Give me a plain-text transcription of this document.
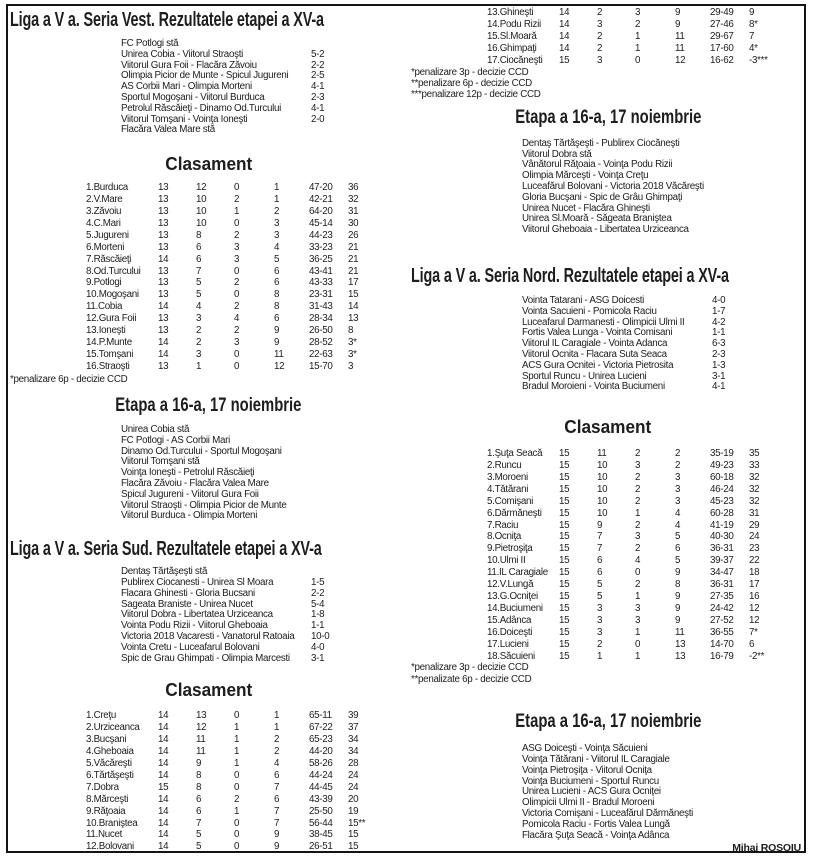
Liga a V a. Seria Vest. Rezultatele etapei a XV-a
FC Potlogi stă
Unirea Cobia - Viitorul Straoşti	5-2
Viitorul Gura Foii - Flacăra Zăvoiu	2-2
Olimpia Picior de Munte - Spicul Jugureni	2-5
AS Corbii Mari - Olimpia Morteni	4-1
Sportul Mogoşani - Viitorul Burduca	2-3
Petrolul Răscăieţi - Dinamo Od.Turcului	4-1
Viitorul Tomşani - Voinţa Ioneşti	2-0
Flacăra Valea Mare stă
Clasament
1.Burduca	13	12	0	1	47-20	36
2.V.Mare	13	10	2	1	42-21	32
3.Zăvoiu	13	10	1	2	64-20	31
4.C.Mari	13	10	0	3	45-14	30
5.Jugureni	13	8	2	3	44-23	26
6.Morteni	13	6	3	4	33-23	21
7.Răscăieţi	14	6	3	5	36-25	21
8.Od.Turcului	13	7	0	6	43-41	21
9.Potlogi	13	5	2	6	43-33	17
10.Mogoşani	13	5	0	8	23-31	15
11.Cobia	14	4	2	8	31-43	14
12.Gura Foii	13	3	4	6	28-34	13
13.Ioneşti	13	2	2	9	26-50	8
14.P.Munte	14	2	3	9	28-52	3*
15.Tomşani	14	3	0	11	22-63	3*
16.Straoşti	13	1	0	12	15-70	3
*penalizare 6p - decizie CCD
Etapa a 16-a, 17 noiembrie
Unirea Cobia stă
FC Potlogi - AS Corbii Mari
Dinamo Od.Turcului - Sportul Mogoşani
Viitorul Tomşani stă
Voinţa Ioneşti - Petrolul Răscăieţi
Flacăra Zăvoiu - Flacăra Valea Mare
Spicul Jugureni - Viitorul Gura Foii
Viitorul Straoşti - Olimpia Picior de Munte
Viitorul Burduca - Olimpia Morteni
Liga a V a. Seria Sud. Rezultatele etapei a XV-a
Dentaş Tărtăşeşti stă
Publirex Ciocanesti - Unirea Sl Moara	1-5
Flacara Ghinesti - Gloria Bucsani	2-2
Sageata Braniste - Unirea Nucet	5-4
Viitorul Dobra - Libertatea Urziceanca	1-8
Vointa Podu Rizii - Viitorul Gheboaia	1-1
Victoria 2018 Vacaresti - Vanatorul Ratoaia	10-0
Vointa Cretu - Luceafarul Bolovani	4-0
Spic de Grau Ghimpati - Olimpia Marcesti	3-1
Clasament
1.Creţu	14	13	0	1	65-11	39
2.Urziceanca	14	12	1	1	67-22	37
3.Bucşani	14	11	1	2	65-23	34
4.Gheboaia	14	11	1	2	44-20	34
5.Văcăreşti	14	9	1	4	58-26	28
6.Tărtăşeşti	14	8	0	6	44-24	24
7.Dobra	15	8	0	7	44-45	24
8.Mărceşti	14	6	2	6	43-39	20
9.Răţoaia	14	6	1	7	25-50	19
10.Braniştea	14	7	0	7	56-44	15**
11.Nucet	14	5	0	9	38-45	15
12.Bolovani	14	5	0	9	26-51	15
13.Ghineşti	14	2	3	9	29-49	9
14.Podu Rizii	14	3	2	9	27-46	8*
15.Sl.Moară	14	2	1	11	29-67	7
16.Ghimpaţi	14	2	1	11	17-60	4*
17.Ciocăneşti	15	3	0	12	16-62	-3***
*penalizare 3p - decizie CCD
**penalizare 6p - decizie CCD
***penalizare 12p - decizie CCD
Etapa a 16-a, 17 noiembrie
Dentaş Tărtăşeşti - Publirex Ciocăneşti
Viitorul Dobra stă
Vânătorul Răţoaia - Voinţa Podu Rizii
Olimpia Mărceşti - Voinţa Creţu
Luceafărul Bolovani - Victoria 2018 Văcăreşti
Gloria Bucşani - Spic de Grâu Ghimpaţi
Unirea Nucet - Flacăra Ghineşti
Unirea Sl.Moară - Săgeata Braniştea
Viitorul Gheboaia - Libertatea Urziceanca
Liga a V a. Seria Nord. Rezultatele etapei a XV-a
Vointa Tatarani - ASG Doicesti	4-0
Vointa Sacuieni - Pomicola Raciu	1-7
Luceafarul Darmanesti - Olimpicii Ulmi II	4-2
Fortis Valea Lunga - Vointa Comisani	1-1
Viitorul IL Caragiale - Vointa Adanca	6-3
Viitorul Ocnita - Flacara Suta Seaca	2-3
ACS Gura Ocnitei - Victoria Pietrosita	1-3
Sportul Runcu - Unirea Lucieni	3-1
Bradul Moroieni - Vointa Buciumeni	4-1
Clasament
1.Şuţa Seacă	15	11	2	2	35-19	35
2.Runcu	15	10	3	2	49-23	33
3.Moroeni	15	10	2	3	60-18	32
4.Tătărani	15	10	2	3	46-24	32
5.Comişani	15	10	2	3	45-23	32
6.Dărmăneşti	15	10	1	4	60-28	31
7.Raciu	15	9	2	4	41-19	29
8.Ocniţa	15	7	3	5	40-30	24
9.Pietroşiţa	15	7	2	6	36-31	23
10.Ulmi II	15	6	4	5	39-37	22
11.IL Caragiale	15	6	0	9	34-47	18
12.V.Lungă	15	5	2	8	36-31	17
13.G.Ocniţei	15	5	1	9	27-35	16
14.Buciumeni	15	3	3	9	24-42	12
15.Adânca	15	3	3	9	27-52	12
16.Doiceşti	15	3	1	11	36-55	7*
17.Lucieni	15	2	0	13	14-70	6
18.Săcuieni	15	1	1	13	16-79	-2**
*penalizare 3p - decizie CCD
**penalizate 6p - decizie CCD
Etapa a 16-a, 17 noiembrie
ASG Doiceşti - Voinţa Săcuieni
Voinţa Tătărani - Viitorul IL Caragiale
Voinţa Pietroşiţa - Viitorul Ocniţa
Voinţa Buciumeni - Sportul Runcu
Unirea Lucieni - ACS Gura Ocniţei
Olimpicii Ulmi II - Bradul Moroeni
Victoria Comişani - Luceafărul Dărmăneşti
Pomicola Raciu - Fortis Valea Lungă
Flacăra Şuţa Seacă - Voinţa Adânca
Mihai ROŞOIU
